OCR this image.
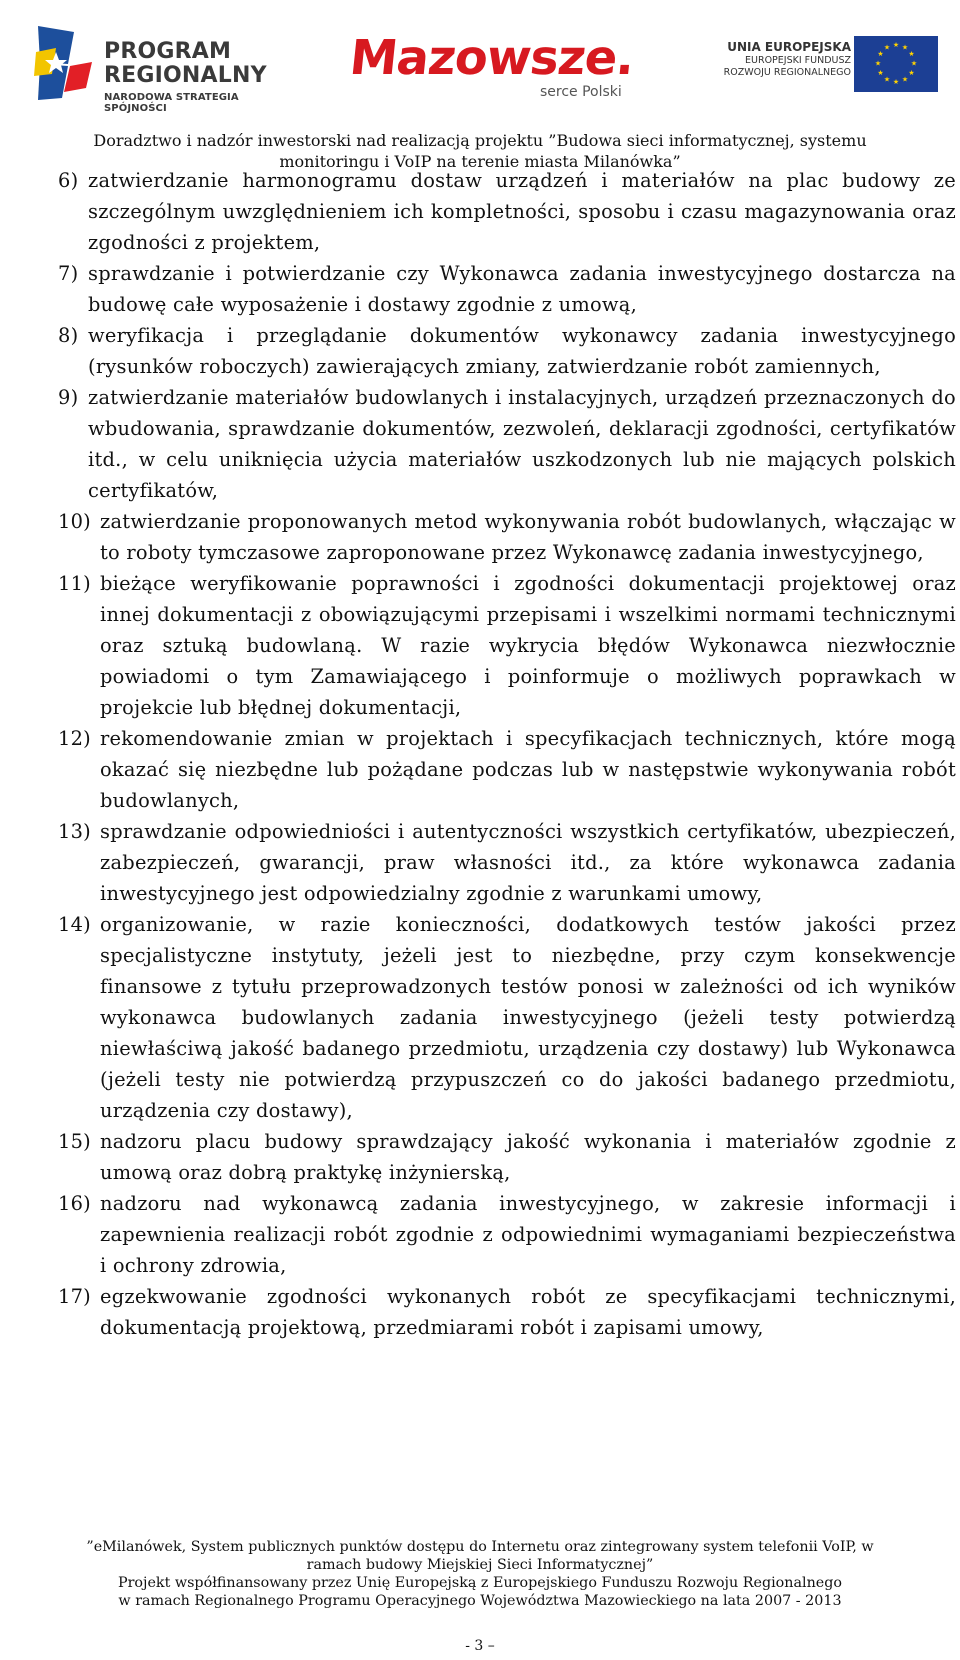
PROGRAM
REGIONALNY
NARODOWA STRATEGIA SPÓJNOŚCI
Mazowsze.
serce Polski
UNIA EUROPEJSKA
EUROPEJSKI FUNDUSZ
ROZWOJU REGIONALNEGO
★ ★
★
★
★
★
★
★
★
★
★
★
Doradztwo i nadzór inwestorski nad realizacją projektu ”Budowa sieci informatycznej, systemu
monitoringu i VoIP na terenie miasta Milanówka”
6) zatwierdzanie harmonogramu dostaw urządzeń i materiałów na plac budowy ze szczególnym uwzględnieniem ich kompletności, sposobu i czasu magazynowania oraz zgodności z projektem,
7) sprawdzanie i potwierdzanie czy Wykonawca zadania inwestycyjnego dostarcza na budowę całe wyposażenie i dostawy zgodnie z umową,
8) weryfikacja i przeglądanie dokumentów wykonawcy zadania inwestycyjnego (rysunków roboczych) zawierających zmiany, zatwierdzanie robót zamiennych,
9) zatwierdzanie materiałów budowlanych i instalacyjnych, urządzeń przeznaczonych do wbudowania, sprawdzanie dokumentów, zezwoleń, deklaracji zgodności, certyfikatów itd., w celu uniknięcia użycia materiałów uszkodzonych lub nie mających polskich certyfikatów,
10) zatwierdzanie proponowanych metod wykonywania robót budowlanych, włączając w to roboty tymczasowe zaproponowane przez Wykonawcę zadania inwestycyjnego,
11) bieżące weryfikowanie poprawności i zgodności dokumentacji projektowej oraz innej dokumentacji z obowiązującymi przepisami i wszelkimi normami technicznymi oraz sztuką budowlaną. W razie wykrycia błędów Wykonawca niezwłocznie powiadomi o tym Zamawiającego i poinformuje o możliwych poprawkach w projekcie lub błędnej dokumentacji,
12) rekomendowanie zmian w projektach i specyfikacjach technicznych, które mogą okazać się niezbędne lub pożądane podczas lub w następstwie wykonywania robót budowlanych,
13) sprawdzanie odpowiedniości i autentyczności wszystkich certyfikatów, ubezpieczeń, zabezpieczeń, gwarancji, praw własności itd., za które wykonawca zadania inwestycyjnego jest odpowiedzialny zgodnie z warunkami umowy,
14) organizowanie, w razie konieczności, dodatkowych testów jakości przez specjalistyczne instytuty, jeżeli jest to niezbędne, przy czym konsekwencje finansowe z tytułu przeprowadzonych testów ponosi w zależności od ich wyników wykonawca budowlanych zadania inwestycyjnego (jeżeli testy potwierdzą niewłaściwą jakość badanego przedmiotu, urządzenia czy dostawy) lub Wykonawca (jeżeli testy nie potwierdzą przypuszczeń co do jakości badanego przedmiotu, urządzenia czy dostawy),
15) nadzoru placu budowy sprawdzający jakość wykonania i materiałów zgodnie z umową oraz dobrą praktykę inżynierską,
16) nadzoru nad wykonawcą zadania inwestycyjnego, w zakresie informacji i zapewnienia realizacji robót zgodnie z odpowiednimi wymaganiami bezpieczeństwa i ochrony zdrowia,
17) egzekwowanie zgodności wykonanych robót ze specyfikacjami technicznymi, dokumentacją projektową, przedmiarami robót i zapisami umowy,
”eMilanówek, System publicznych punktów dostępu do Internetu oraz zintegrowany system telefonii VoIP, w
ramach budowy Miejskiej Sieci Informatycznej”
Projekt współfinansowany przez Unię Europejską z Europejskiego Funduszu Rozwoju Regionalnego
w ramach Regionalnego Programu Operacyjnego Województwa Mazowieckiego na lata 2007 - 2013
- 3 –
